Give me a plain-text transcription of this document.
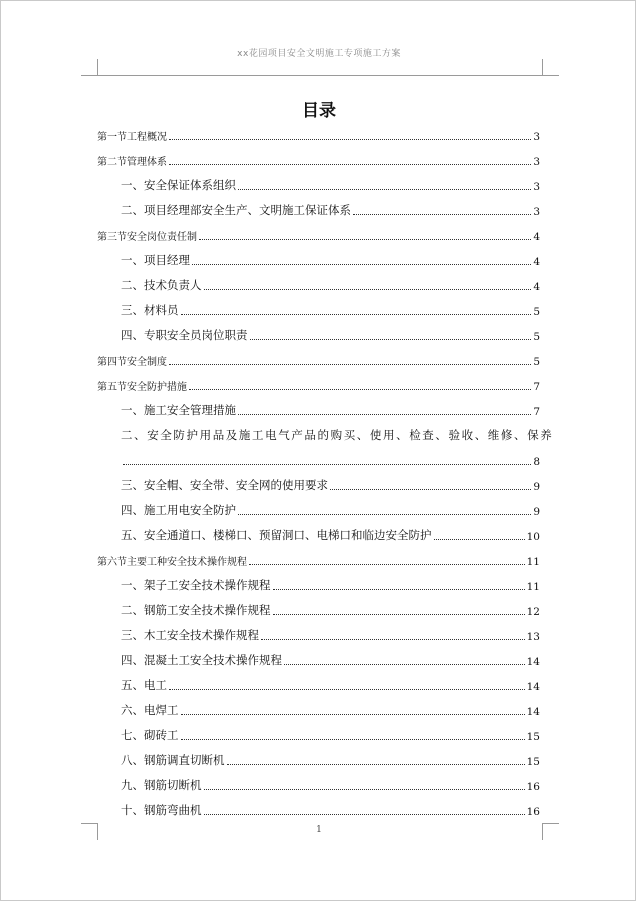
xx花园项目安全文明施工专项施工方案
目录
第一节工程概况	3
第二节管理体系	3
一、安全保证体系组织	3
二、项目经理部安全生产、文明施工保证体系	3
第三节安全岗位责任制	4
一、项目经理	4
二、技术负责人	4
三、材料员	5
四、专职安全员岗位职责	5
第四节安全制度	5
第五节安全防护措施	7
一、施工安全管理措施	7
二、安全防护用品及施工电气产品的购买、使用、检查、验收、维修、保养
8
三、安全帽、安全带、安全网的使用要求	9
四、施工用电安全防护	9
五、安全通道口、楼梯口、预留洞口、电梯口和临边安全防护	10
第六节主要工种安全技术操作规程	11
一、架子工安全技术操作规程	11
二、钢筋工安全技术操作规程	12
三、木工安全技术操作规程	13
四、混凝土工安全技术操作规程	14
五、电工	14
六、电焊工	14
七、砌砖工	15
八、钢筋调直切断机	15
九、钢筋切断机	16
十、钢筋弯曲机	16
1
